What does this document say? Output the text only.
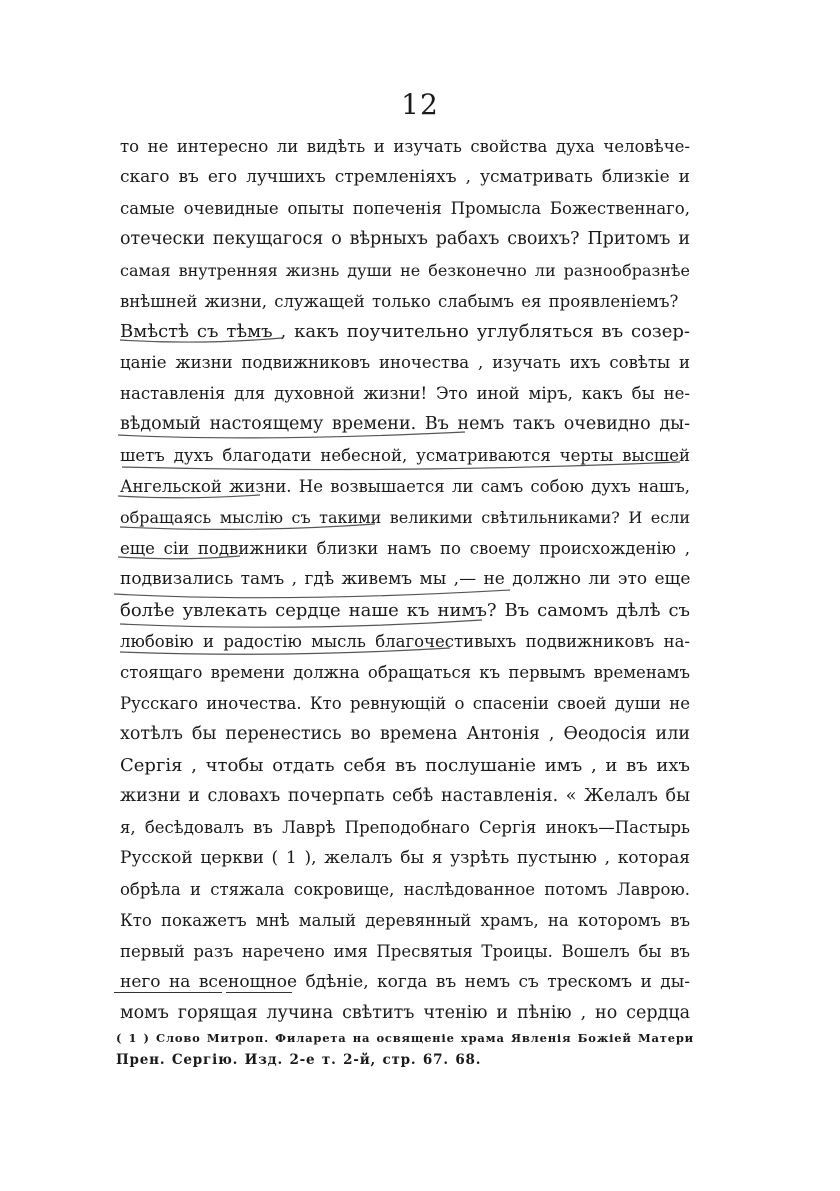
12
то не интересно ли видѣть и изучать свойства духа человѣче-
скаго въ его лучшихъ стремленіяхъ , усматривать близкіе и
самые очевидные опыты попеченія Промысла Божественнаго,
отечески пекущагося о вѣрныхъ рабахъ своихъ? Притомъ и
самая внутренняя жизнь души не безконечно ли разнообразнѣе
внѣшней жизни, служащей только слабымъ ея проявленіемъ?
Вмѣстѣ съ тѣмъ , какъ поучительно углубляться въ созер-
цаніе жизни подвижниковъ иночества , изучать ихъ совѣты и
наставленія для духовной жизни! Это иной міръ, какъ бы не-
вѣдомый настоящему времени. Въ немъ такъ очевидно ды-
шетъ духъ благодати небесной, усматриваются черты высшей
Ангельской жизни. Не возвышается ли самъ собою духъ нашъ,
обращаясь мыслію съ такими великими свѣтильниками? И если
еще сіи подвижники близки намъ по своему происхожденію ,
подвизались тамъ , гдѣ живемъ мы ,— не должно ли это еще
болѣе увлекать сердце наше къ нимъ? Въ самомъ дѣлѣ съ
любовію и радостію мысль благочестивыхъ подвижниковъ на-
стоящаго времени должна обращаться къ первымъ временамъ
Русскаго иночества. Кто ревнующій о спасеніи своей души не
хотѣлъ бы перенестись во времена Антонія , Ѳеодосія или
Сергія , чтобы отдать себя въ послушаніе имъ , и въ ихъ
жизни и словахъ почерпать себѣ наставленія. « Желалъ бы
я, бесѣдовалъ въ Лаврѣ Преподобнаго Сергія инокъ—Пастырь
Русской церкви ( 1 ), желалъ бы я узрѣть пустыню , которая
обрѣла и стяжала сокровище, наслѣдованное потомъ Лаврою.
Кто покажетъ мнѣ малый деревянный храмъ, на которомъ въ
первый разъ наречено имя Пресвятыя Троицы. Вошелъ бы въ
него на всенощное бдѣніе, когда въ немъ съ трескомъ и ды-
момъ горящая лучина свѣтитъ чтенію и пѣнію , но сердца
( 1 ) Слово Митроп. Филарета на освященіе храма Явленія Божіей Матери
Прен. Сергію. Изд. 2-е т. 2-й, стр. 67. 68.
